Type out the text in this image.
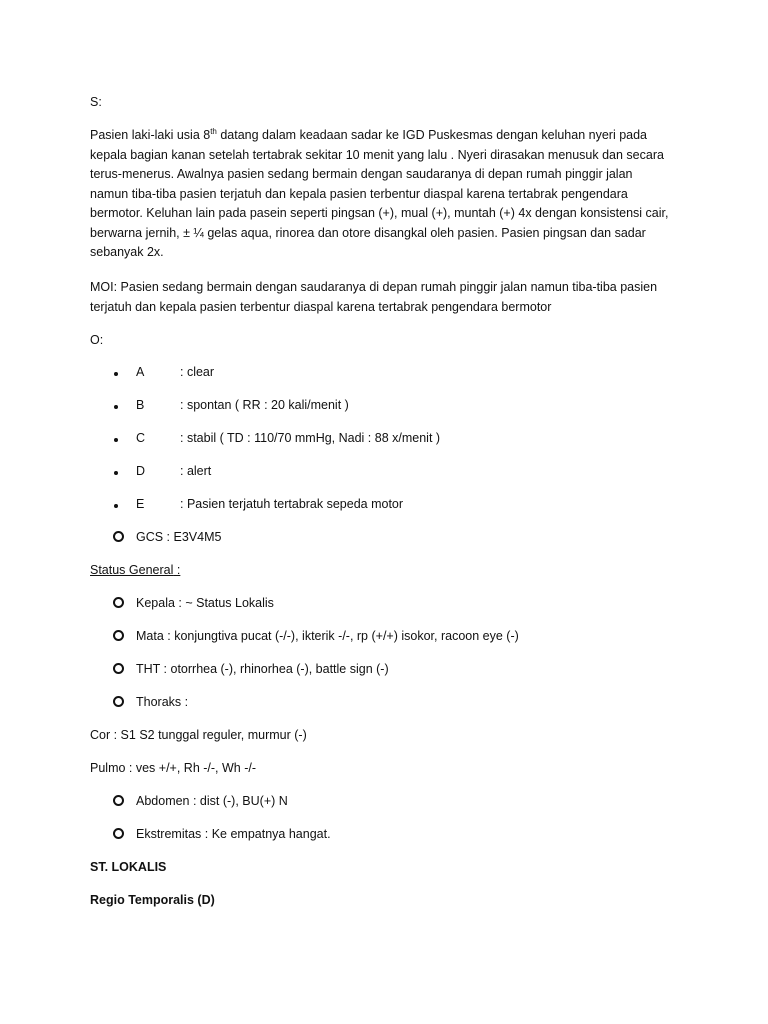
S:
Pasien laki-laki usia 8th datang dalam keadaan sadar ke IGD Puskesmas dengan keluhan nyeri pada
kepala bagian kanan setelah tertabrak sekitar 10 menit yang lalu . Nyeri dirasakan menusuk dan secara
terus-menerus. Awalnya pasien sedang bermain dengan saudaranya di depan rumah pinggir jalan
namun tiba-tiba pasien terjatuh dan kepala pasien terbentur diaspal karena tertabrak pengendara
bermotor. Keluhan lain pada pasein seperti pingsan (+), mual (+), muntah (+) 4x dengan konsistensi cair,
berwarna jernih, ± ¼ gelas aqua, rinorea dan otore disangkal oleh pasien. Pasien pingsan dan sadar
sebanyak 2x.
MOI: Pasien sedang bermain dengan saudaranya di depan rumah pinggir jalan namun tiba-tiba pasien
terjatuh dan kepala pasien terbentur diaspal karena tertabrak pengendara bermotor
O:
A	: clear
B	: spontan ( RR : 20 kali/menit )
C	: stabil ( TD : 110/70 mmHg, Nadi : 88 x/menit )
D	: alert
E	: Pasien terjatuh tertabrak sepeda motor
GCS : E3V4M5
Status General :
Kepala : ~ Status Lokalis
Mata : konjungtiva pucat (-/-), ikterik -/-, rp (+/+) isokor, racoon eye (-)
THT : otorrhea (-), rhinorhea (-), battle sign (-)
Thoraks :
Cor : S1 S2 tunggal reguler, murmur (-)
Pulmo : ves +/+, Rh -/-, Wh -/-
Abdomen : dist (-), BU(+) N
Ekstremitas : Ke empatnya hangat.
ST. LOKALIS
Regio Temporalis (D)
